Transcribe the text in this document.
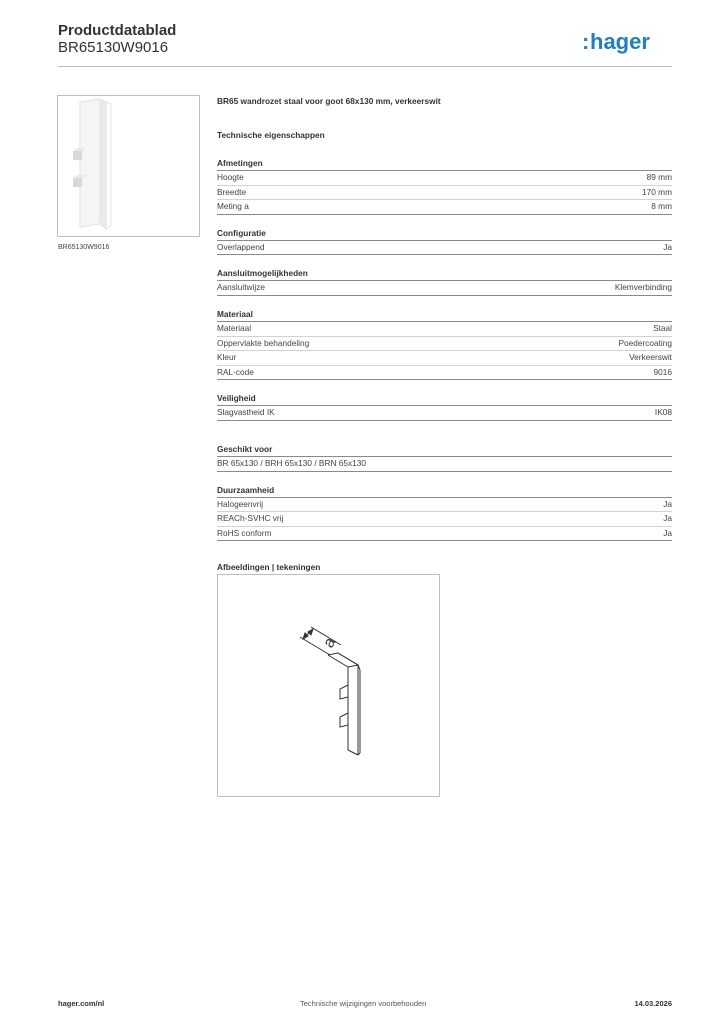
Productdatablad
BR65130W9016	: hager
BR65130W9016
BR65 wandrozet staal voor goot 68x130 mm, verkeerswit
Technische eigenschappen
Afmetingen
Hoogte	89 mm
Breedte	170 mm
Meting a	8 mm
Configuratie
Overlappend	Ja
Aansluitmogelijkheden
Aansluitwijze	Klemverbinding
Materiaal
Materiaal	Staal
Oppervlakte behandeling	Poedercoating
Kleur	Verkeerswit
RAL-code	9016
Veiligheid
Slagvastheid IK	IK08
Geschikt voor
BR 65x130 / BRH 65x130 / BRN 65x130
Duurzaamheid
Halogeenvrij	Ja
REACh-SVHC vrij	Ja
RoHS conform	Ja
Afbeeldingen | tekeningen
a
hager.com/nl	Technische wijzigingen voorbehouden	14.03.2026
